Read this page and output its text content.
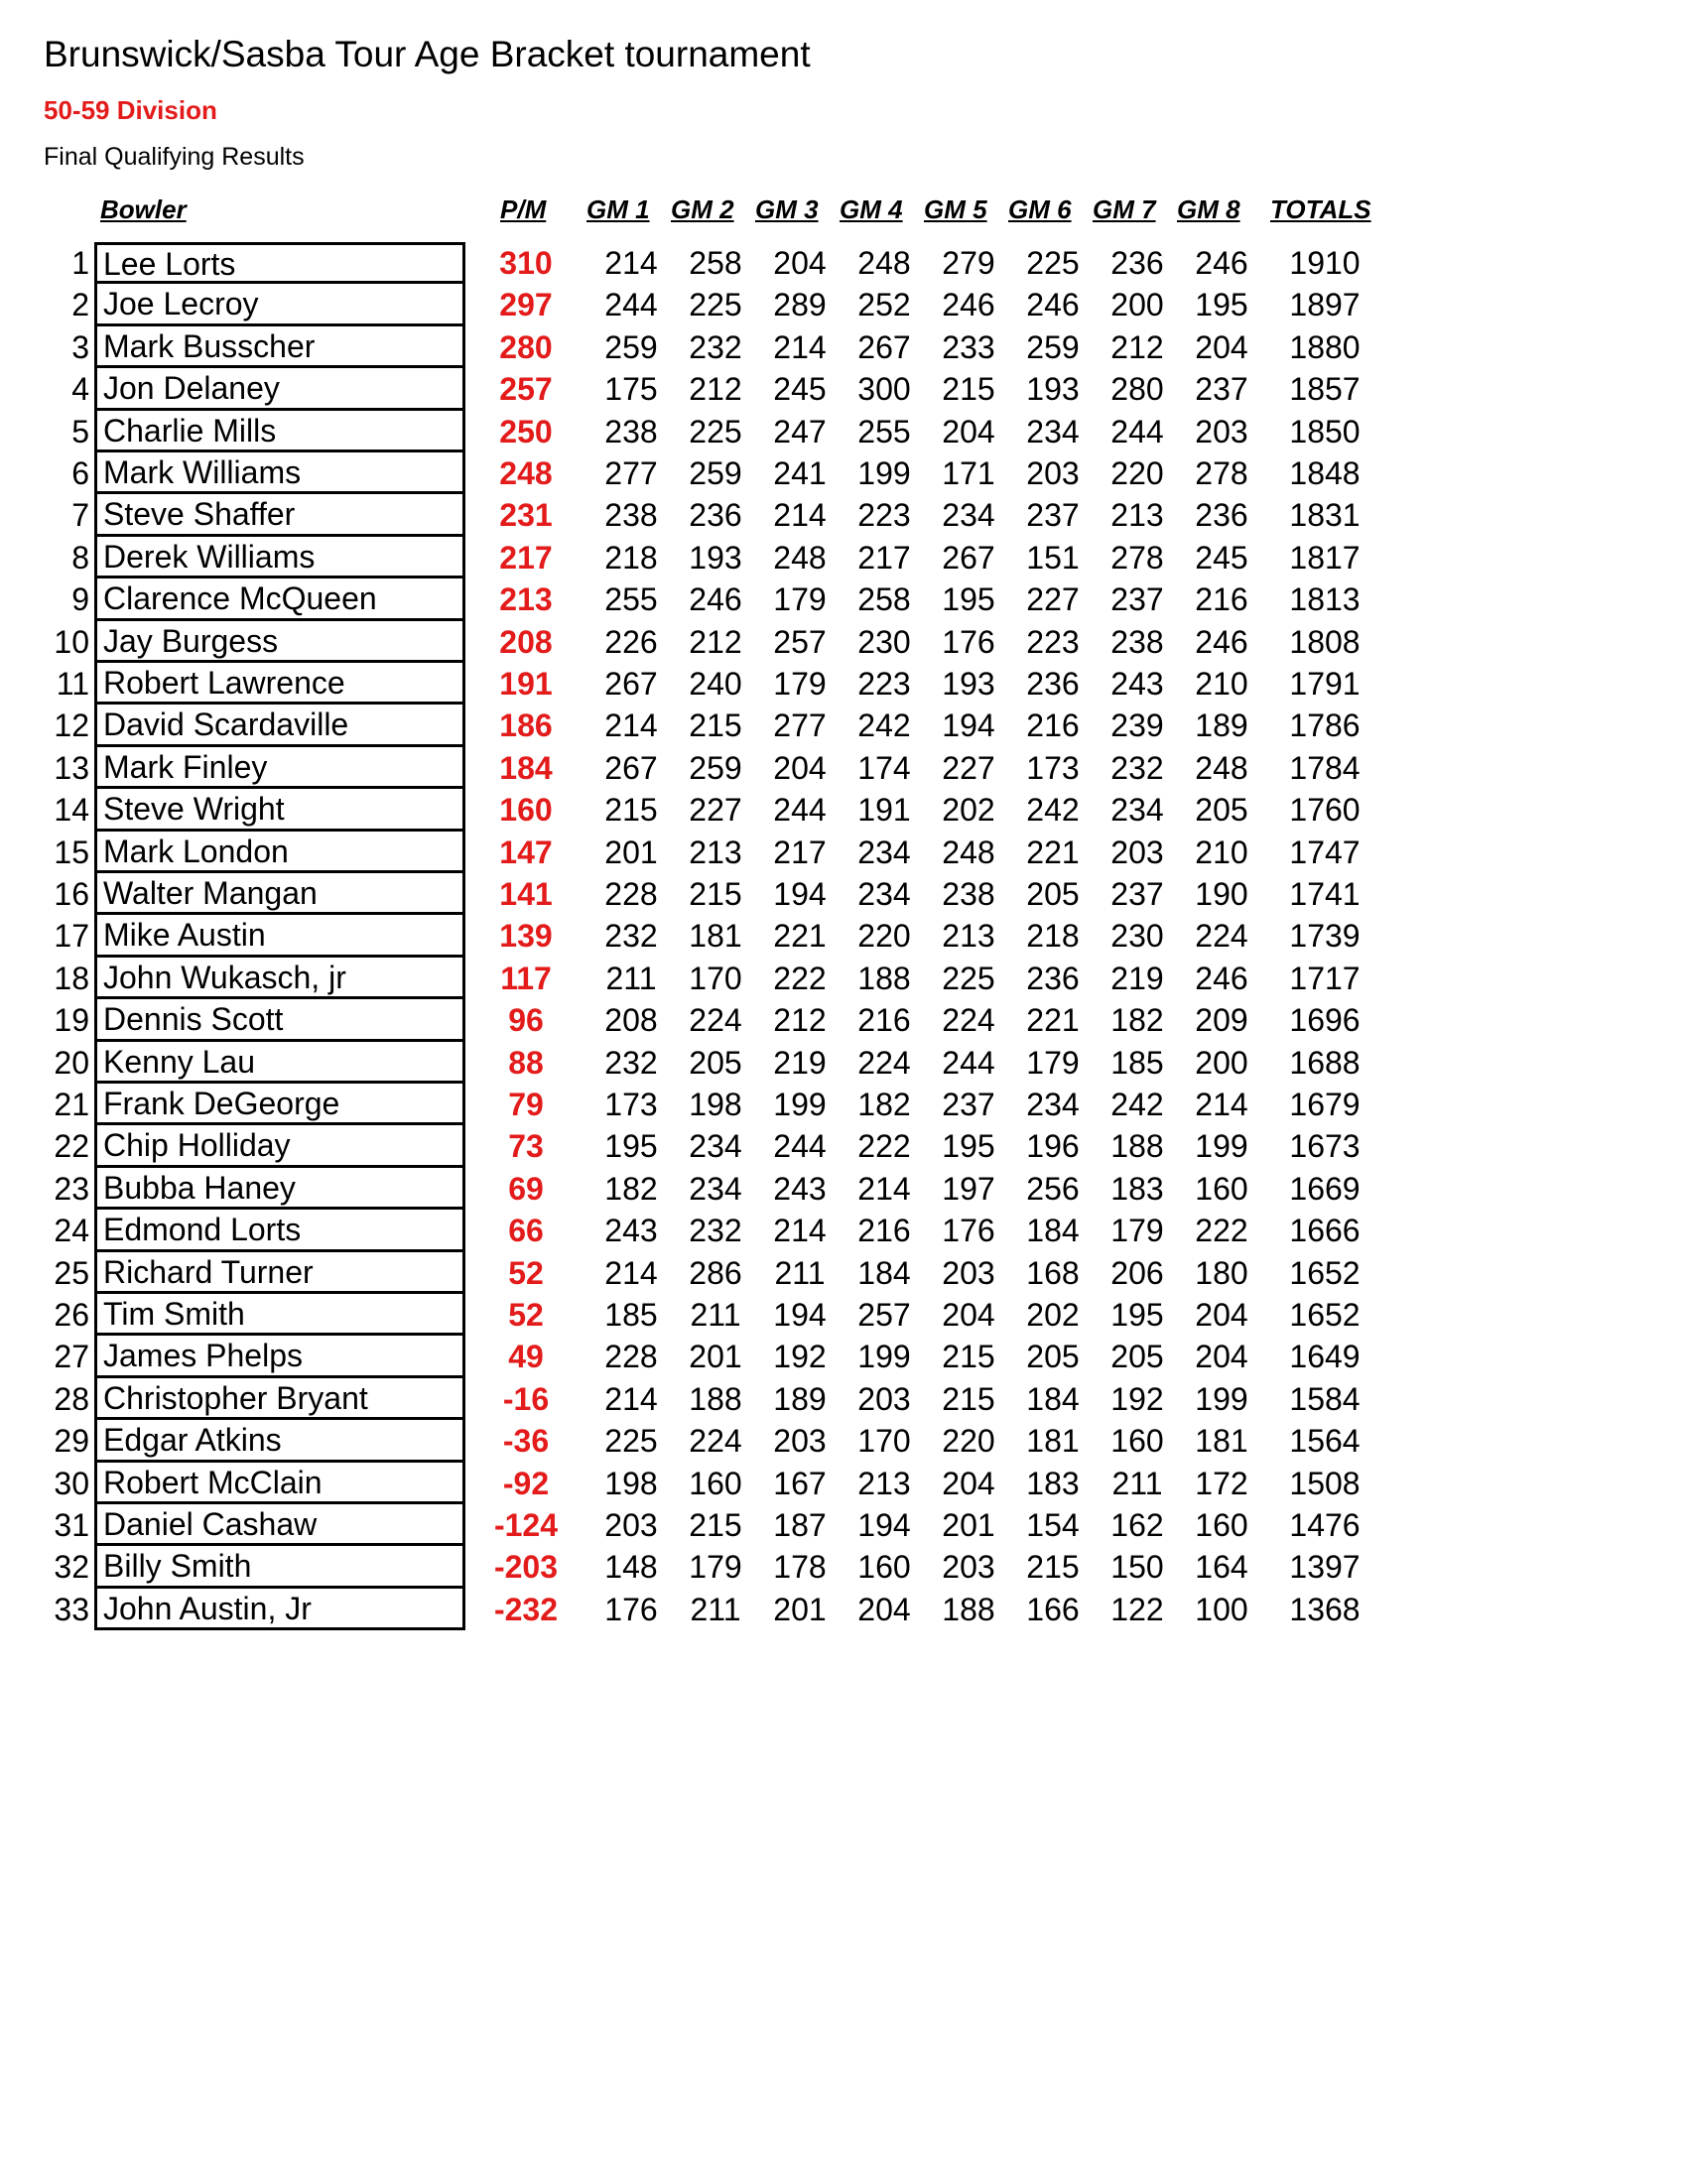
Brunswick/Sasba Tour Age Bracket tournament
50-59 Division
Final Qualifying Results
Bowler	P/M GM 1 GM 2 GM 3 GM 4 GM 5 GM 6 GM 7 GM 8 TOTALS
1 Lee Lorts	310	214 258 204 248 279 225 236 246	1910
2 Joe Lecroy	297	244 225 289 252 246 246 200 195	1897
3 Mark Busscher	280	259 232 214 267 233 259 212 204	1880
4 Jon Delaney	257	175 212 245 300 215 193 280 237	1857
5 Charlie Mills	250	238 225 247 255 204 234 244 203	1850
6 Mark Williams	248	277 259 241 199 171 203 220 278	1848
7 Steve Shaffer	231	238 236 214 223 234 237 213 236	1831
8 Derek Williams	217	218 193 248 217 267 151 278 245	1817
9 Clarence McQueen	213	255 246 179 258 195 227 237 216	1813
10 Jay Burgess	208	226 212 257 230 176 223 238 246	1808
11 Robert Lawrence	191	267 240 179 223 193 236 243 210	1791
12 David Scardaville	186	214 215 277 242 194 216 239 189	1786
13 Mark Finley	184	267 259 204 174 227 173 232 248	1784
14 Steve Wright	160	215 227 244 191 202 242 234 205	1760
15 Mark London	147	201 213 217 234 248 221 203 210	1747
16 Walter Mangan	141	228 215 194 234 238 205 237 190	1741
17 Mike Austin	139	232 181 221 220 213 218 230 224	1739
18 John Wukasch, jr	117	211	170 222 188 225 236 219 246	1717
19 Dennis Scott	96	208 224 212 216 224 221 182 209	1696
20 Kenny Lau	88	232 205 219 224 244 179 185 200	1688
21 Frank DeGeorge	79	173 198 199 182 237 234 242 214	1679
22 Chip Holliday	73	195 234 244 222 195 196 188 199	1673
23 Bubba Haney	69	182 234 243 214 197 256 183 160	1669
24 Edmond Lorts	66	243 232 214 216 176 184 179 222	1666
25 Richard Turner	52	214 286	211	184 203 168 206 180	1652
26 Tim Smith	52	185	211	194 257 204 202 195 204	1652
27 James Phelps	49	228 201 192 199 215 205 205 204	1649
28 Christopher Bryant	-16	214 188 189 203 215 184 192 199	1584
29 Edgar Atkins	-36	225 224 203 170 220 181 160 181	1564
30 Robert McClain	-92	198 160 167 213 204 183	211	172	1508
31 Daniel Cashaw	-124	203 215 187 194 201 154 162 160	1476
32 Billy Smith	-203	148 179 178 160 203 215 150 164	1397
33 John Austin, Jr	-232	176	211	201 204 188 166 122 100	1368
